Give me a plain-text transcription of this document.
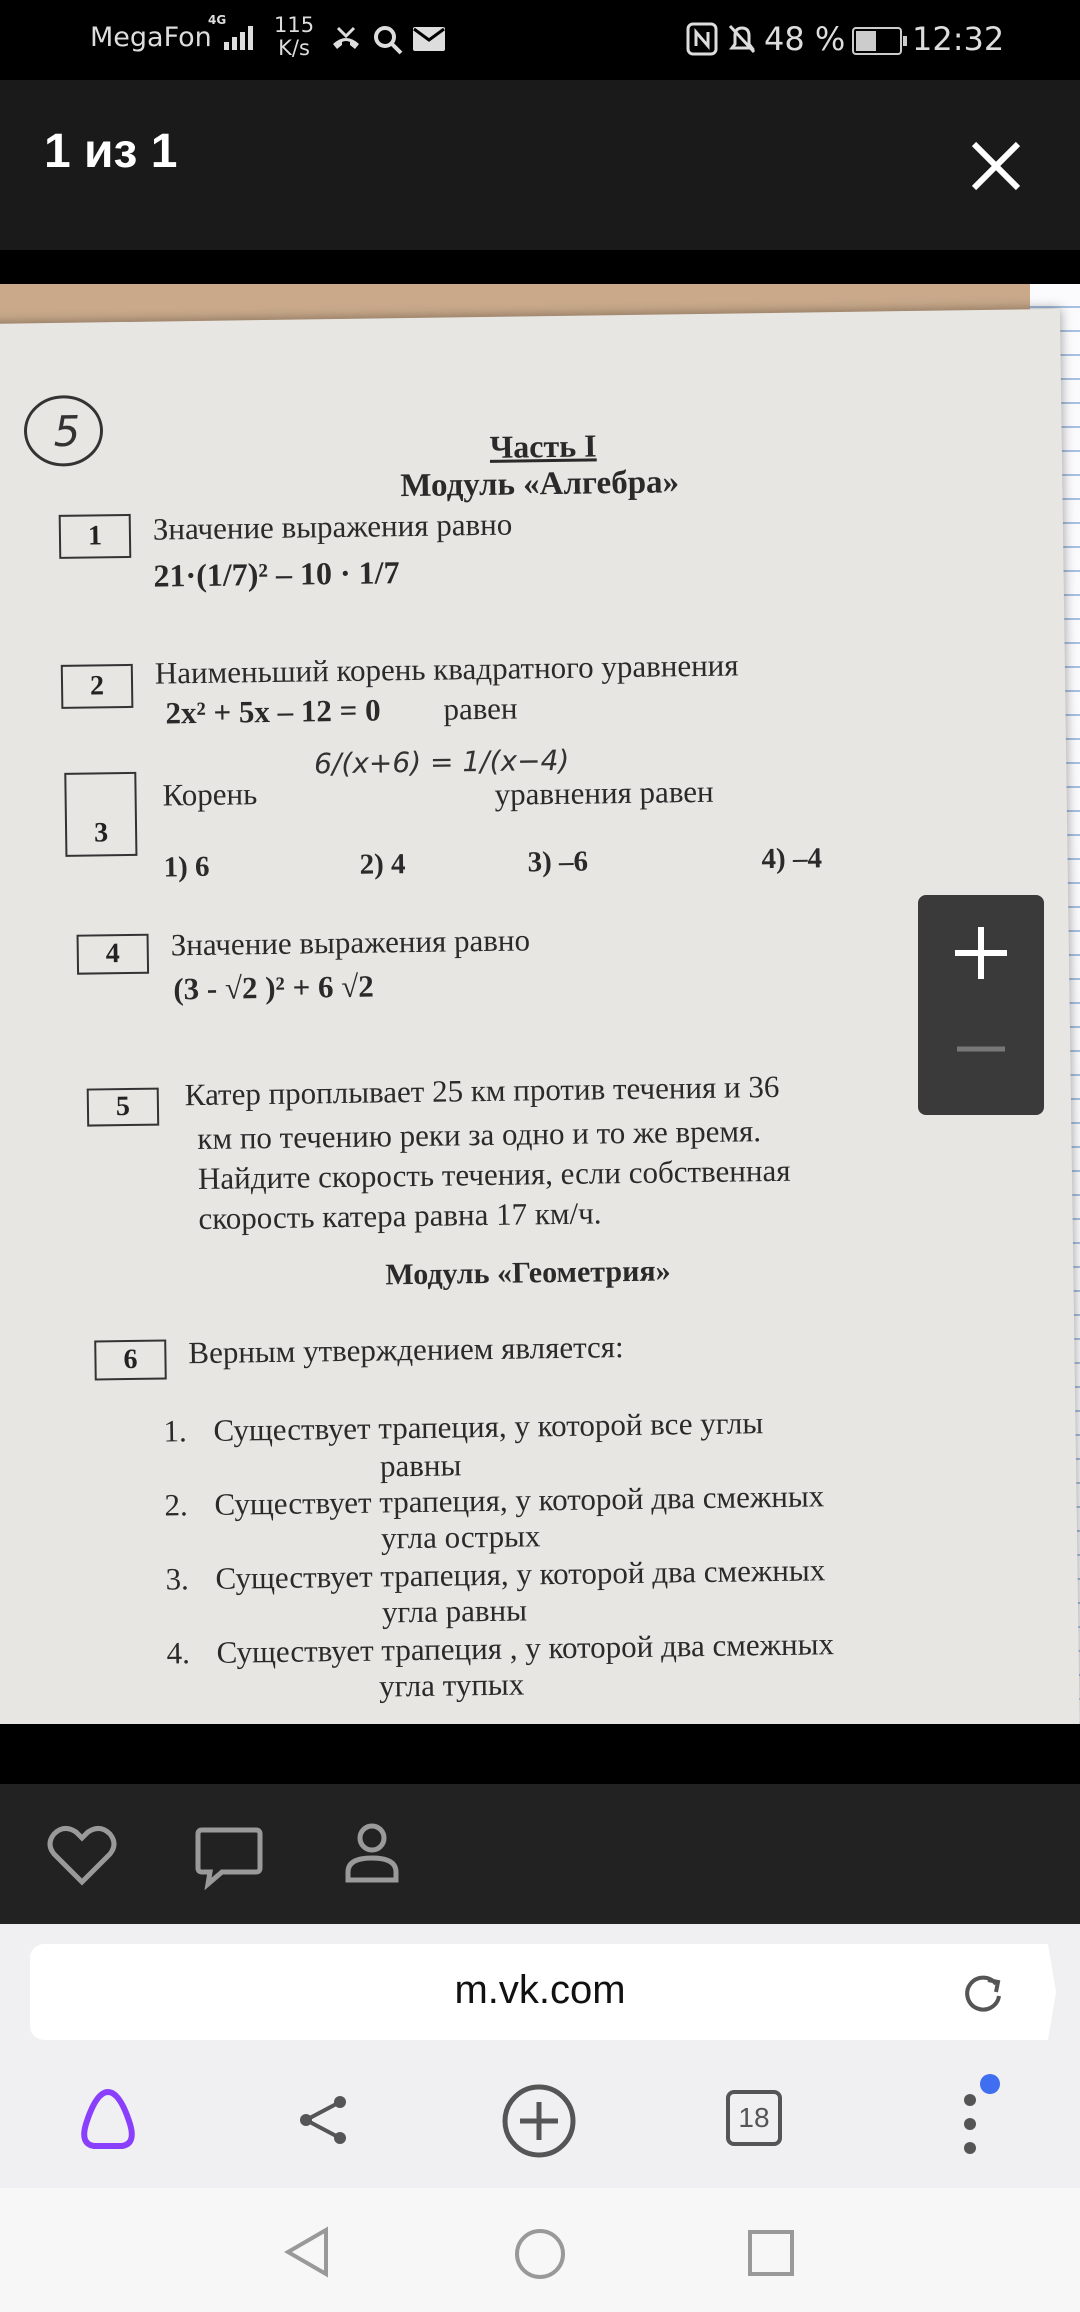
MegaFon
4G 115
K/s	48 % 12:32
1 из 1
5	Часть I
Модуль «Алгебра»
1	Значение выражения равно
21·(1/7)² – 10 · 1/7
2	Наименьший корень квадратного уравнения
2x² + 5x – 12 = 0 равен
3
Корень
6/(x+6) = 1/(x−4)
уравнения равен
1) 6	2) 4	3) –6	4) –4
4	Значение выражения равно
(3 - √2 )² + 6 √2
5	Катер проплывает 25 км против течения и 36
км по течению реки за одно и то же время.
Найдите скорость течения, если собственная
скорость катера равна 17 км/ч.
Модуль «Геометрия»
6	Верным утверждением является:
1. Существует трапеция, у которой все углы
равны
2. Существует трапеция, у которой два смежных
угла острых
3. Существует трапеция, у которой два смежных
угла равны
4. Существует трапеция , у которой два смежных
угла тупых
m.vk.com
18
